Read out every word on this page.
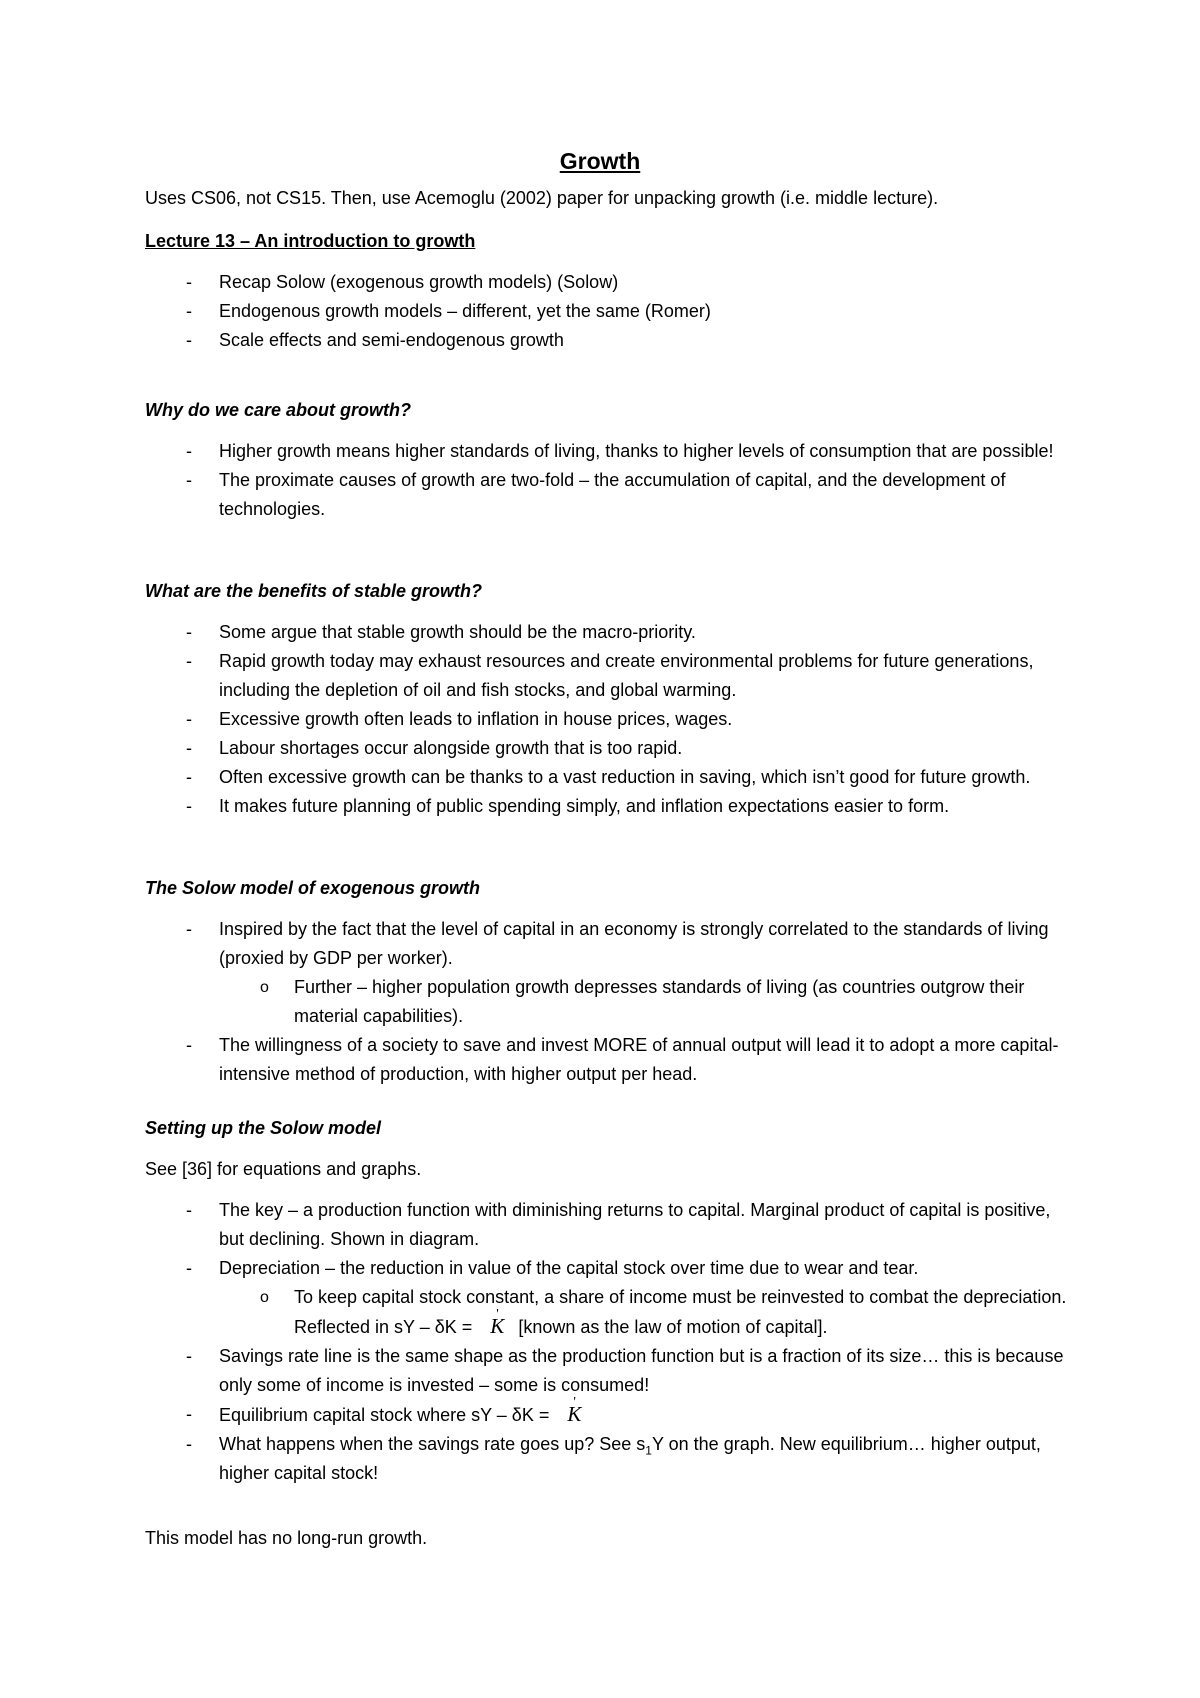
Growth

Uses CS06, not CS15. Then, use Acemoglu (2002) paper for unpacking growth (i.e. middle lecture).

Lecture 13 – An introduction to growth

- Recap Solow (exogenous growth models) (Solow)
- Endogenous growth models – different, yet the same (Romer)
- Scale effects and semi-endogenous growth

Why do we care about growth?

- Higher growth means higher standards of living, thanks to higher levels of consumption that are possible!
- The proximate causes of growth are two-fold – the accumulation of capital, and the development of technologies.

What are the benefits of stable growth?

- Some argue that stable growth should be the macro-priority.
- Rapid growth today may exhaust resources and create environmental problems for future generations, including the depletion of oil and fish stocks, and global warming.
- Excessive growth often leads to inflation in house prices, wages.
- Labour shortages occur alongside growth that is too rapid.
- Often excessive growth can be thanks to a vast reduction in saving, which isn’t good for future growth.
- It makes future planning of public spending simply, and inflation expectations easier to form.

The Solow model of exogenous growth

- Inspired by the fact that the level of capital in an economy is strongly correlated to the standards of living (proxied by GDP per worker).
o Further – higher population growth depresses standards of living (as countries outgrow their material capabilities).
- The willingness of a society to save and invest MORE of annual output will lead it to adopt a more capital-intensive method of production, with higher output per head.

Setting up the Solow model

See [36] for equations and graphs.

- The key – a production function with diminishing returns to capital. Marginal product of capital is positive, but declining. Shown in diagram.
- Depreciation – the reduction in value of the capital stock over time due to wear and tear.
o To keep capital stock constant, a share of income must be reinvested to combat the depreciation. Reflected in sY – δK = ' K [known as the law of motion of capital].
- Savings rate line is the same shape as the production function but is a fraction of its size… this is because only some of income is invested – some is consumed!
- Equilibrium capital stock where sY – δK = ' K
- What happens when the savings rate goes up? See $s_1Y$ on the graph. New equilibrium… higher output, higher capital stock!

This model has no long-run growth.
